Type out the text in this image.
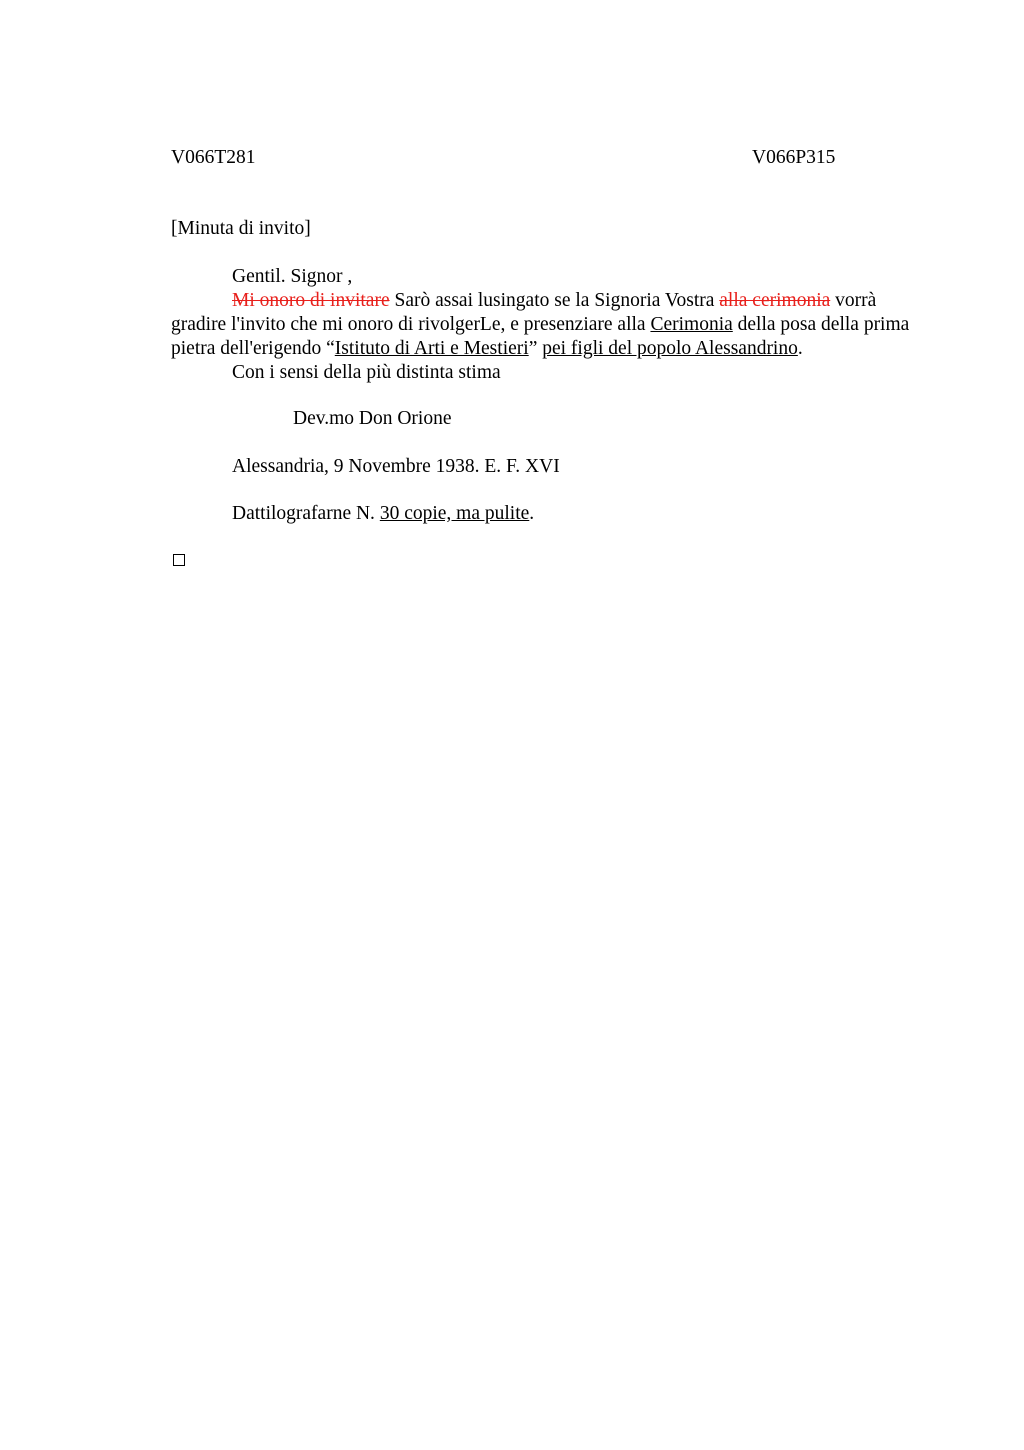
V066T281	V066P315
[Minuta di invito]
Gentil. Signor ,
Mi onoro di invitare Sarò assai lusingato se la Signoria Vostra alla cerimonia vorrà gradire l'invito che mi onoro di rivolgerLe, e presenziare alla Cerimonia della posa della prima pietra dell'erigendo “Istituto di Arti e Mestieri” pei figli del popolo Alessandrino.
Con i sensi della più distinta stima
Dev.mo Don Orione
Alessandria, 9 Novembre 1938. E. F. XVI
Dattilografarne N. 30 copie, ma pulite.
